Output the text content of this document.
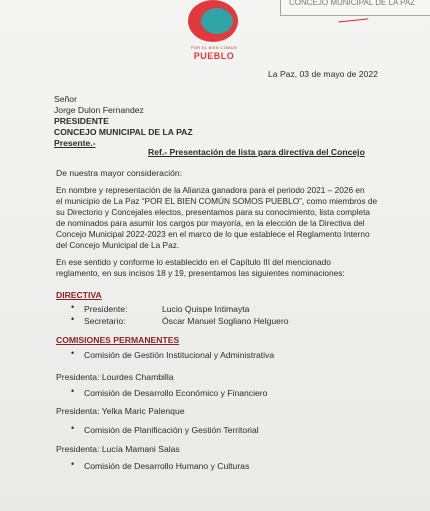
POR EL BIEN COMÚN
PUEBLO
CONCEJO MUNICIPAL DE LA PAZ
La Paz, 03 de mayo de 2022
Señor
Jorge Dulon Fernandez
PRESIDENTE
CONCEJO MUNICIPAL DE LA PAZ
Presente.-
Ref.- Presentación de lista para directiva del Concejo
De nuestra mayor consideración:
En nombre y representación de la Alianza ganadora para el periodo 2021 – 2026 en
el municipio de La Paz “POR EL BIEN COMÚN SOMOS PUEBLO”, como miembros de
su Directorio y Concejales electos, presentamos para su conocimiento, lista completa
de nominados para asumir los cargos por mayoría, en la elección de la Directiva del
Concejo Municipal 2022-2023 en el marco de lo que establece el Reglamento Interno
del Concejo Municipal de La Paz.
En ese sentido y conforme lo establecido en el Capítulo III del mencionado
reglamento, en sus incisos 18 y 19, presentamos las siguientes nominaciones:
DIRECTIVA
• Presidente:	Lucio Quispe Intimayta
• Secretario:	Óscar Manuel Sogliano Helguero
COMISIONES PERMANENTES
• Comisión de Gestión Institucional y Administrativa
Presidenta: Lourdes Chambilla
• Comisión de Desarrollo Económico y Financiero
Presidenta: Yelka Maric Palenque
• Comisión de Planificación y Gestión Territorial
Presidenta: Lucía Mamani Salas
• Comisión de Desarrollo Humano y Culturas
